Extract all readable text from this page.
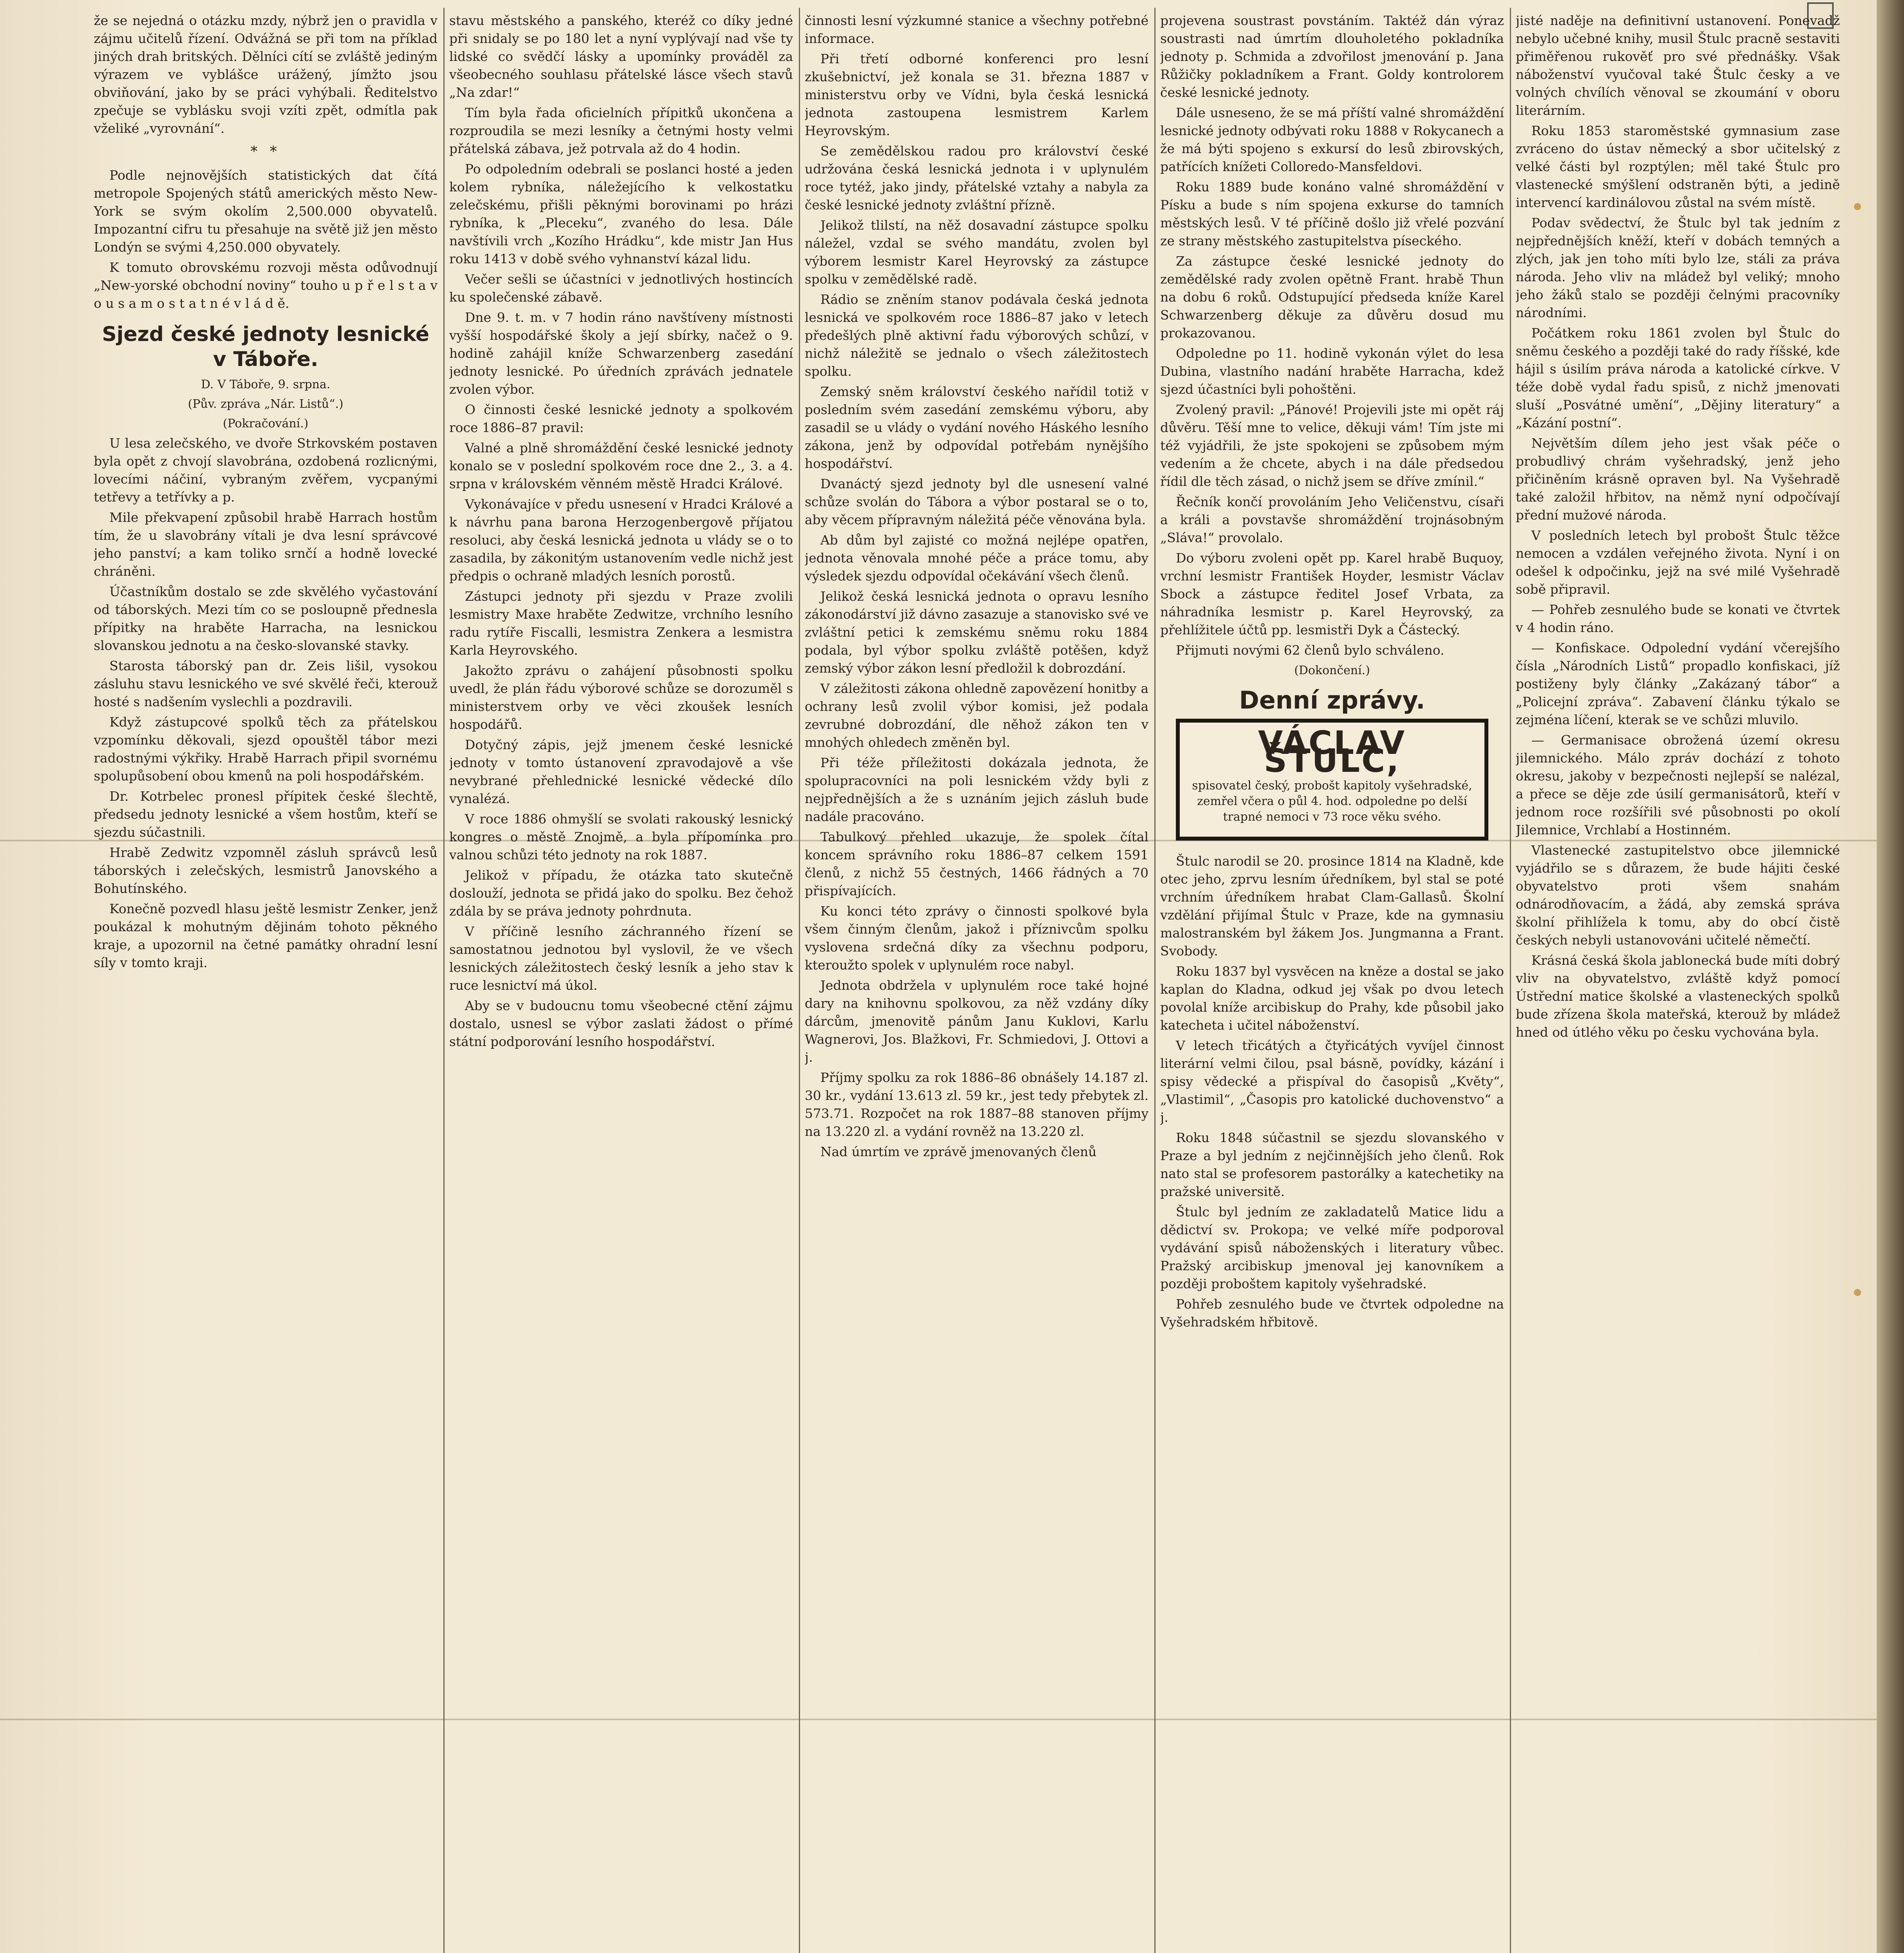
že se nejedná o otázku mzdy, nýbrž jen o pravidla v zájmu učitelů řízení. Odvážná se při tom na příklad jiných drah britských. Dělníci cítí se zvláště jediným výrazem ve vyblášce urážený, jímžto jsou obviňování, jako by se práci vyhýbali. Ředitelstvo zpečuje se vyblásku svoji vzíti zpět, odmítla pak vželiké „vyrovnání“.

* *

Podle nejnovějších statistických dat čítá metropole Spojených států amerických město New-York se svým okolím 2,500.000 obyvatelů. Impozantní cifru tu přesahuje na světě již jen město Londýn se svými 4,250.000 obyvately.

K tomuto obrovskému rozvoji města odůvodnují „New-yorské obchodní noviny“ touho u p ř e l s t a v o u s a m o s t a t n é v l á d ě.

Sjezd české jednoty lesnické v Táboře.
D. V Táboře, 9. srpna.
(Pův. zpráva „Nár. Listů“.)
(Pokračování.)

U lesa zelečského, ve dvoře Strkovském postaven byla opět z chvojí slavobrána, ozdobená rozlicnými, lovecími náčiní, vybraným zvěřem, vycpanými tetřevy a tetřívky a p.

Mile překvapení způsobil hrabě Harrach hostům tím, že u slavobrány vítali je dva lesní správcové jeho panství; a kam toliko srnčí a hodně lovecké chráněni.

Účastníkům dostalo se zde skvělého vyčastování od táborských. Mezi tím co se posloupně přednesla přípitky na hraběte Harracha, na lesnickou slovanskou jednotu a na česko-slovanské stavky.

Starosta táborský pan dr. Zeis lišil, vysokou zásluhu stavu lesnického ve své skvělé řeči, kterouž hosté s nadšením vyslechli a pozdravili.

Když zástupcové spolků těch za přátelskou vzpomínku děkovali, sjezd opouštěl tábor mezi radostnými výkřiky. Hrabě Harrach připil svornému spolupůsobení obou kmenů na poli hospodářském.

Dr. Kotrbelec pronesl přípitek české šlechtě, předsedu jednoty lesnické a všem hostům, kteří se sjezdu súčastnili.

Hrabě Zedwitz vzpomněl zásluh správců lesů táborských i zelečských, lesmistrů Janovského a Bohutínského.

Konečně pozvedl hlasu ještě lesmistr Zenker, jenž poukázal k mohutným dějinám tohoto pěkného kraje, a upozornil na četné památky ohradní lesní síly v tomto kraji.

stavu městského a panského, kteréž co díky jedné při snidaly se po 180 let a nyní vyplývají nad vše ty lidské co svědčí lásky a upomínky prováděl za všeobecného souhlasu přátelské lásce všech stavů „Na zdar!“

Tím byla řada oficielních přípitků ukončena a rozproudila se mezi lesníky a četnými hosty velmi přátelská zábava, jež potrvala až do 4 hodin.

Po odpoledním odebrali se poslanci hosté a jeden kolem rybníka, náležejícího k velkostatku zelečskému, přišli pěknými borovinami po hrázi rybníka, k „Pleceku“, zvaného do lesa. Dále navštívili vrch „Kozího Hrádku“, kde mistr Jan Hus roku 1413 v době svého vyhnanství kázal lidu.

Večer sešli se účastníci v jednotlivých hostincích ku společenské zábavě.

Dne 9. t. m. v 7 hodin ráno navštíveny místnosti vyšší hospodářské školy a její sbírky, načež o 9. hodině zahájil kníže Schwarzenberg zasedání jednoty lesnické. Po úředních zprávách jednatele zvolen výbor.

O činnosti české lesnické jednoty a spolkovém roce 1886–87 pravil:

Valné a plně shromáždění české lesnické jednoty konalo se v poslední spolkovém roce dne 2., 3. a 4. srpna v královském věnném městě Hradci Králové.

Vykonávajíce v předu usnesení v Hradci Králové a k návrhu pana barona Herzogenbergově příjatou resoluci, aby česká lesnická jednota u vlády se o to zasadila, by zákonitým ustanovením vedle nichž jest předpis o ochraně mladých lesních porostů.

Zástupci jednoty při sjezdu v Praze zvolili lesmistry Maxe hraběte Zedwitze, vrchního lesního radu rytíře Fiscalli, lesmistra Zenkera a lesmistra Karla Heyrovského.

Jakožto zprávu o zahájení působnosti spolku uvedl, že plán řádu výborové schůze se dorozuměl s ministerstvem orby ve věci zkoušek lesních hospodářů.

Dotyčný zápis, jejž jmenem české lesnické jednoty v tomto ústanovení zpravodajově a vše nevybrané přehlednické lesnické vědecké dílo vynalézá.

V roce 1886 ohmyšlí se svolati rakouský lesnický kongres o městě Znojmě, a byla přípomínka pro valnou schůzi této jednoty na rok 1887.

Jelikož v případu, že otázka tato skutečně doslouží, jednota se přidá jako do spolku. Bez čehož zdála by se práva jednoty pohrdnuta.

V příčině lesního záchranného řízení se samostatnou jednotou byl vyslovil, že ve všech lesnických záležitostech český lesník a jeho stav k ruce lesnictví má úkol.

Aby se v budoucnu tomu všeobecné ctění zájmu dostalo, usnesl se výbor zaslati žádost o přímé státní podporování lesního hospodářství.

činnosti lesní výzkumné stanice a všechny potřebné informace.

Při třetí odborné konferenci pro lesní zkušebnictví, jež konala se 31. března 1887 v ministerstvu orby ve Vídni, byla česká lesnická jednota zastoupena lesmistrem Karlem Heyrovským.

Se zemědělskou radou pro království české udržována česká lesnická jednota i v uplynulém roce tytéž, jako jindy, přátelské vztahy a nabyla za české lesnické jednoty zvláštní přízně.

Jelikož tlilstí, na něž dosavadní zástupce spolku náležel, vzdal se svého mandátu, zvolen byl výborem lesmistr Karel Heyrovský za zástupce spolku v zemědělské radě.

Rádio se zněním stanov podávala česká jednota lesnická ve spolkovém roce 1886–87 jako v letech předešlých plně aktivní řadu výborových schůzí, v nichž náležitě se jednalo o všech záležitostech spolku.

Zemský sněm království českého nařídil totiž v posledním svém zasedání zemskému výboru, aby zasadil se u vlády o vydání nového Háského lesního zákona, jenž by odpovídal potřebám nynějšího hospodářství.

Dvanáctý sjezd jednoty byl dle usnesení valné schůze svolán do Tábora a výbor postaral se o to, aby věcem přípravným náležitá péče věnována byla.

Ab dům byl zajisté co možná nejlépe opatřen, jednota věnovala mnohé péče a práce tomu, aby výsledek sjezdu odpovídal očekávání všech členů.

Jelikož česká lesnická jednota o opravu lesního zákonodárství již dávno zasazuje a stanovisko své ve zvláštní petici k zemskému sněmu roku 1884 podala, byl výbor spolku zvláště potěšen, když zemský výbor zákon lesní předložil k dobrozdání.

V záležitosti zákona ohledně zapovězení honitby a ochrany lesů zvolil výbor komisi, jež podala zevrubné dobrozdání, dle něhož zákon ten v mnohých ohledech změněn byl.

Při téže příležitosti dokázala jednota, že spolupracovníci na poli lesnickém vždy byli z nejpřednějších a že s uznáním jejich zásluh bude nadále pracováno.

Tabulkový přehled ukazuje, že spolek čítal koncem správního roku 1886–87 celkem 1591 členů, z nichž 55 čestných, 1466 řádných a 70 přispívajících.

Ku konci této zprávy o činnosti spolkové byla všem činným členům, jakož i příznivcům spolku vyslovena srdečná díky za všechnu podporu, kteroužto spolek v uplynulém roce nabyl.

Jednota obdržela v uplynulém roce také hojné dary na knihovnu spolkovou, za něž vzdány díky dárcům, jmenovitě pánům Janu Kuklovi, Karlu Wagnerovi, Jos. Blažkovi, Fr. Schmiedovi, J. Ottovi a j.

Příjmy spolku za rok 1886–86 obnášely 14.187 zl. 30 kr., vydání 13.613 zl. 59 kr., jest tedy přebytek zl. 573.71. Rozpočet na rok 1887–88 stanoven příjmy na 13.220 zl. a vydání rovněž na 13.220 zl.

Nad úmrtím ve zprávě jmenovaných členů

projevena soustrast povstáním. Taktéž dán výraz soustrasti nad úmrtím dlouholetého pokladníka jednoty p. Schmida a zdvořilost jmenování p. Jana Růžičky pokladníkem a Frant. Goldy kontrolorem české lesnické jednoty.

Dále usneseno, že se má příští valné shromáždění lesnické jednoty odbývati roku 1888 v Rokycanech a že má býti spojeno s exkursí do lesů zbirovských, patřících knížeti Colloredo-Mansfeldovi.

Roku 1889 bude konáno valné shromáždění v Písku a bude s ním spojena exkurse do tamních městských lesů. V té příčině došlo již vřelé pozvání ze strany městského zastupitelstva píseckého.

Za zástupce české lesnické jednoty do zemědělské rady zvolen opětně Frant. hrabě Thun na dobu 6 roků. Odstupující předseda kníže Karel Schwarzenberg děkuje za důvěru dosud mu prokazovanou.

Odpoledne po 11. hodině vykonán výlet do lesa Dubina, vlastního nadání hraběte Harracha, kdež sjezd účastníci byli pohoštěni.

Zvolený pravil: „Pánové! Projevili jste mi opět ráj důvěru. Těší mne to velice, děkuji vám! Tím jste mi též vyjádřili, že jste spokojeni se způsobem mým vedením a že chcete, abych i na dále předsedou řídil dle těch zásad, o nichž jsem se dříve zmínil.“

Řečník končí provoláním Jeho Veličenstvu, císaři a králi a povstavše shromáždění trojnásobným „Sláva!“ provolalo.

Do výboru zvoleni opět pp. Karel hrabě Buquoy, vrchní lesmistr František Hoyder, lesmistr Václav Sbock a zástupce ředitel Josef Vrbata, za náhradníka lesmistr p. Karel Heyrovský, za přehlížitele účtů pp. lesmistři Dyk a Částecký.

Přijmuti novými 62 členů bylo schváleno.

(Dokončení.)
Denní zprávy.
VÁCLAV ŠTULC,
spisovatel český, probošt kapitoly vyšehradské,
zemřel včera o půl 4. hod. odpoledne po delší trapné nemoci v 73 roce věku svého.

Štulc narodil se 20. prosince 1814 na Kladně, kde otec jeho, zprvu lesním úředníkem, byl stal se poté vrchním úředníkem hrabat Clam-Gallasů. Školní vzdělání přijímal Štulc v Praze, kde na gymnasiu malostranském byl žákem Jos. Jungmanna a Frant. Svobody.

Roku 1837 byl vysvěcen na kněze a dostal se jako kaplan do Kladna, odkud jej však po dvou letech povolal kníže arcibiskup do Prahy, kde působil jako katecheta i učitel náboženství.

V letech třicátých a čtyřicátých vyvíjel činnost literární velmi čilou, psal básně, povídky, kázání i spisy vědecké a přispíval do časopisů „Květy“, „Vlastimil“, „Časopis pro katolické duchovenstvo“ a j.

Roku 1848 súčastnil se sjezdu slovanského v Praze a byl jedním z nejčinnějších jeho členů. Rok nato stal se profesorem pastorálky a katechetiky na pražské universitě.

Štulc byl jedním ze zakladatelů Matice lidu a dědictví sv. Prokopa; ve velké míře podporoval vydávání spisů náboženských i literatury vůbec. Pražský arcibiskup jmenoval jej kanovníkem a později proboštem kapitoly vyšehradské.

Pohřeb zesnulého bude ve čtvrtek odpoledne na Vyšehradském hřbitově.

jisté naděje na definitivní ustanovení. Ponevadž nebylo učebné knihy, musil Štulc pracně sestaviti přiměřenou rukověť pro své přednášky. Však náboženství vyučoval také Štulc česky a ve volných chvílích věnoval se zkoumání v oboru literárním.

Roku 1853 staroměstské gymnasium zase zvráceno do ústav německý a sbor učitelský z velké části byl rozptýlen; měl také Štulc pro vlastenecké smýšlení odstraněn býti, a jedině intervencí kardinálovou zůstal na svém místě.

Podav svědectví, že Štulc byl tak jedním z nejpřednějších kněží, kteří v dobách temných a zlých, jak jen toho míti bylo lze, stáli za práva národa. Jeho vliv na mládež byl veliký; mnoho jeho žáků stalo se později čelnými pracovníky národními.

Počátkem roku 1861 zvolen byl Štulc do sněmu českého a později také do rady říšské, kde hájil s úsilím práva národa a katolické církve. V téže době vydal řadu spisů, z nichž jmenovati sluší „Posvátné umění“, „Dějiny literatury“ a „Kázání postní“.

Největším dílem jeho jest však péče o probudlivý chrám vyšehradský, jenž jeho přičiněním krásně opraven byl. Na Vyšehradě také založil hřbitov, na němž nyní odpočívají přední mužové národa.

V posledních letech byl probošt Štulc těžce nemocen a vzdálen veřejného života. Nyní i on odešel k odpočinku, jejž na své milé Vyšehradě sobě připravil.

— Pohřeb zesnulého bude se konati ve čtvrtek v 4 hodin ráno.

— Konfiskace. Odpolední vydání včerejšího čísla „Národních Listů“ propadlo konfiskaci, jíž postiženy byly články „Zakázaný tábor“ a „Policejní zpráva“. Zabavení článku týkalo se zejména líčení, kterak se ve schůzi mluvilo.

— Germanisace obrožená území okresu jilemnického. Málo zpráv dochází z tohoto okresu, jakoby v bezpečnosti nejlepší se nalézal, a přece se děje zde úsilí germanisátorů, kteří v jednom roce rozšířili své působnosti po okolí Jilemnice, Vrchlabí a Hostinném.

Vlastenecké zastupitelstvo obce jilemnické vyjádřilo se s důrazem, že bude hájiti české obyvatelstvo proti všem snahám odnárodňovacím, a žádá, aby zemská správa školní přihlížela k tomu, aby do obcí čistě českých nebyli ustanovováni učitelé němečtí.

Krásná česká škola jablonecká bude míti dobrý vliv na obyvatelstvo, zvláště když pomocí Ústřední matice školské a vlasteneckých spolků bude zřízena škola mateřská, kterouž by mládež hned od útlého věku po česku vychována byla.
